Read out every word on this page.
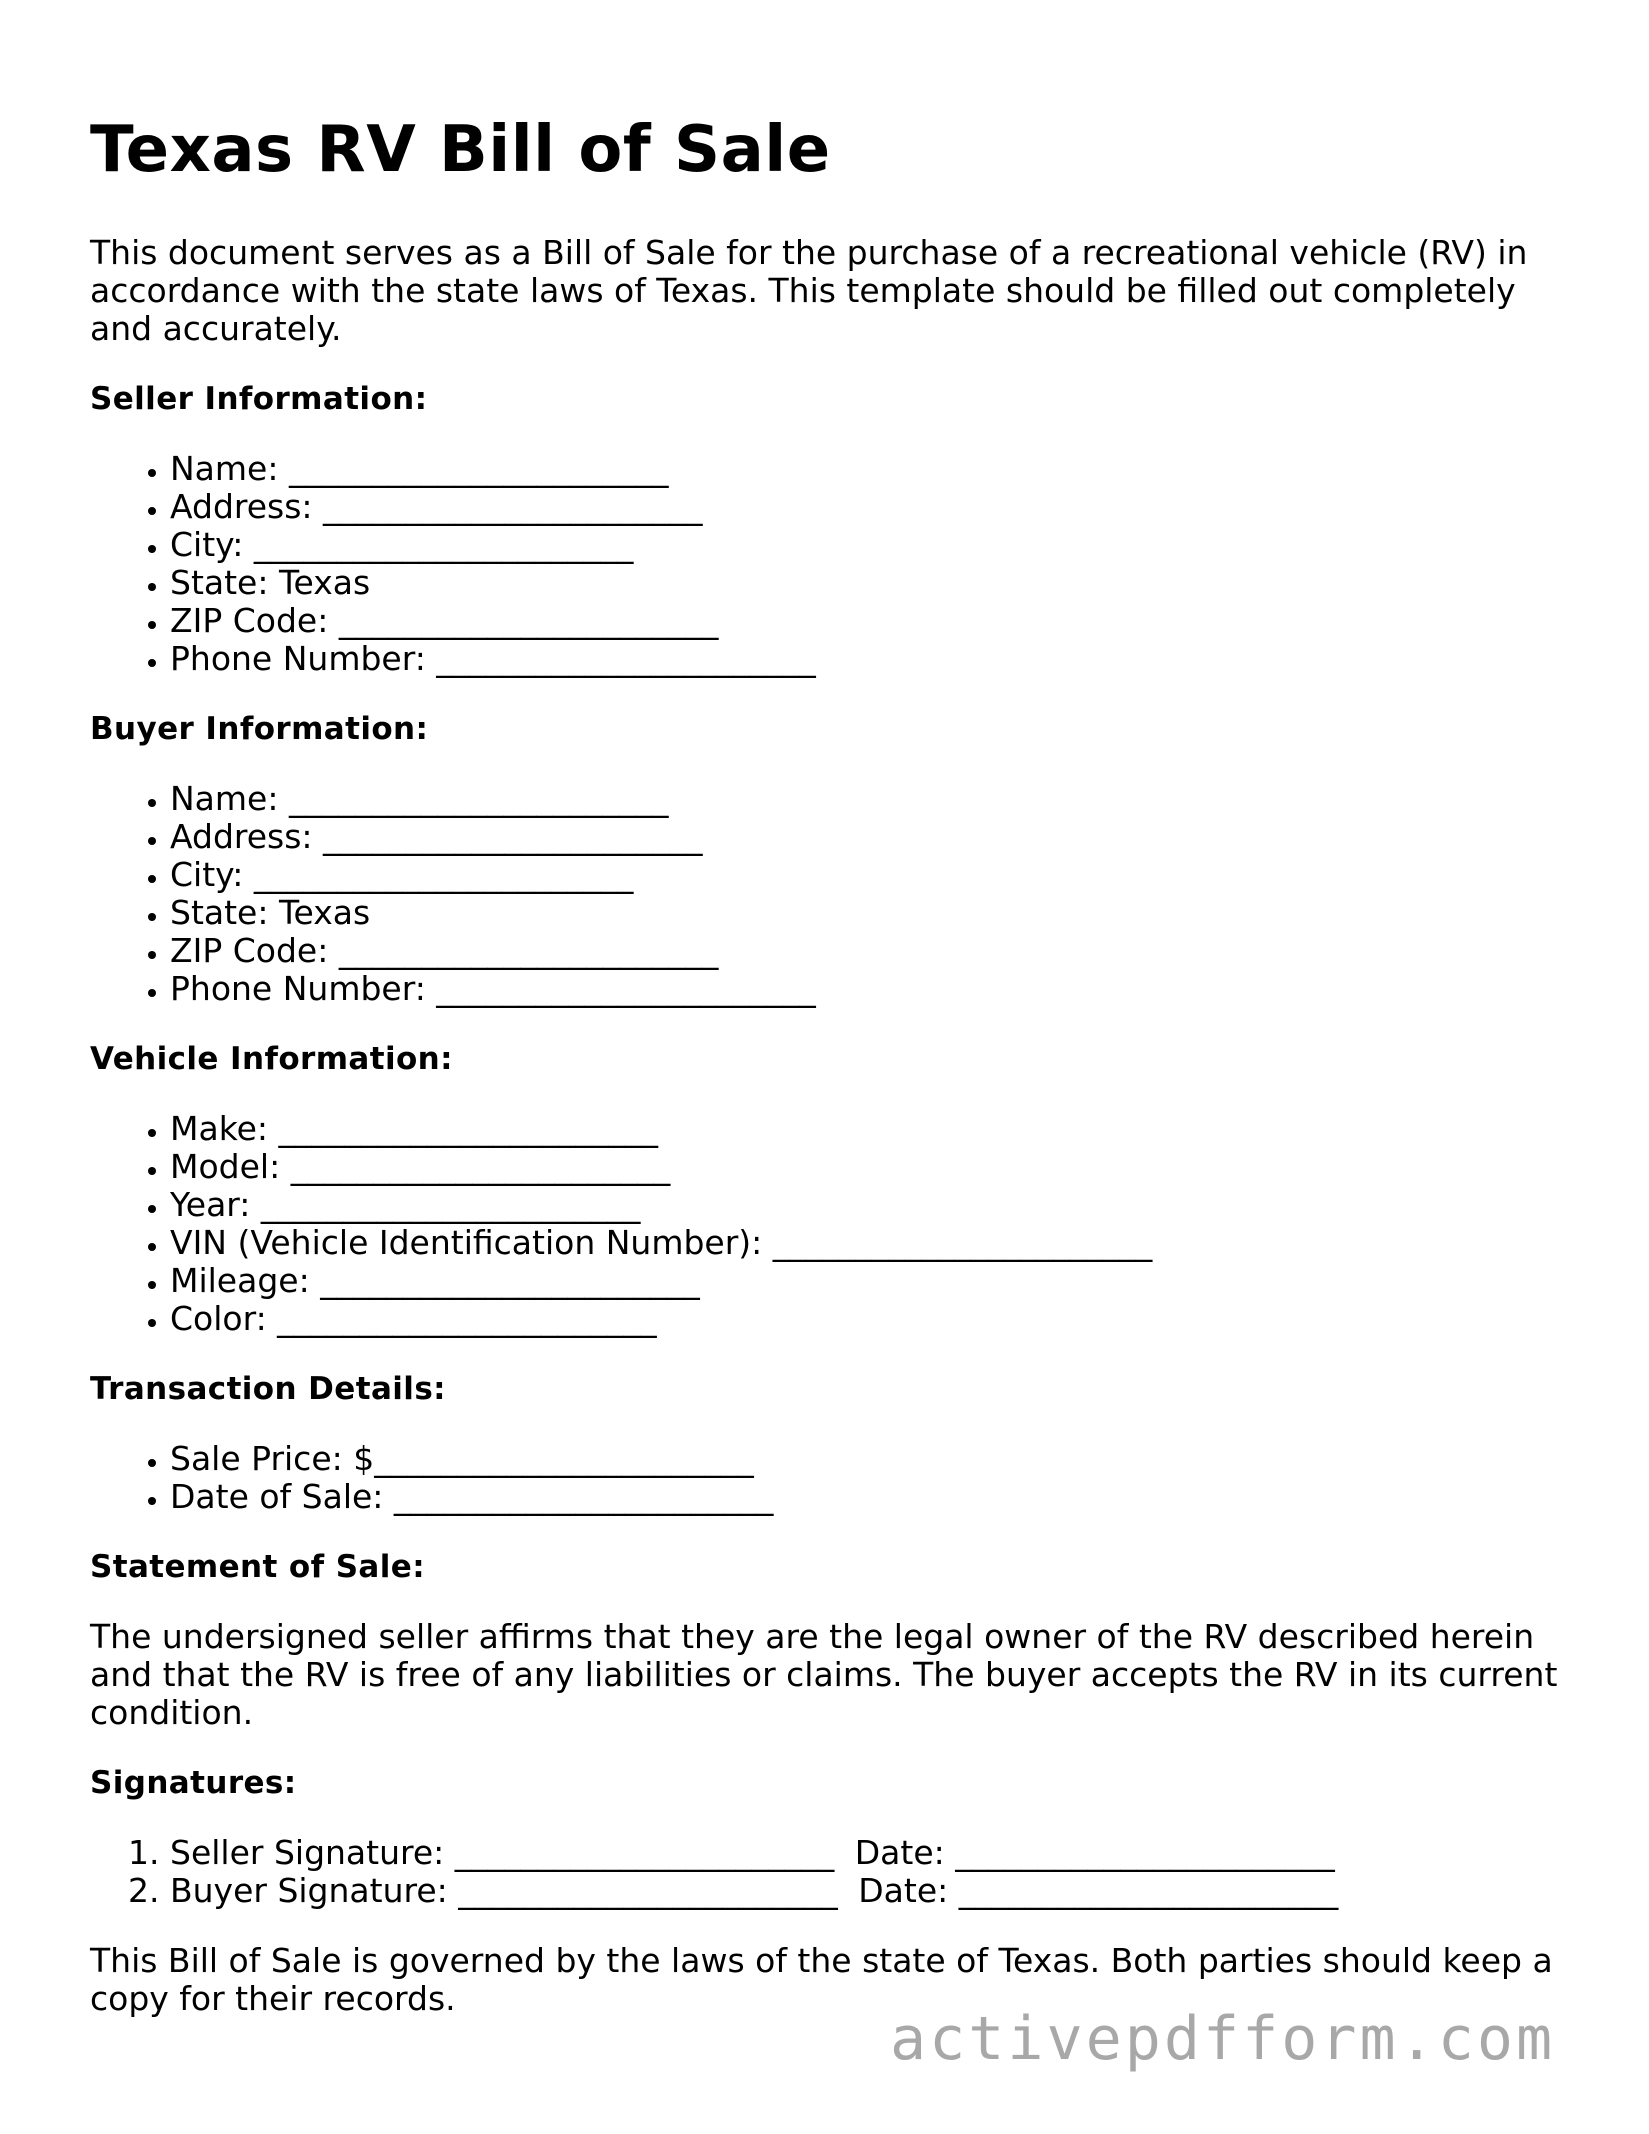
Texas RV Bill of Sale

This document serves as a Bill of Sale for the purchase of a recreational vehicle (RV) in accordance with the state laws of Texas. This template should be filled out completely and accurately.

Seller Information:
• Name: _______________________
• Address: _______________________
• City: _______________________
• State: Texas
• ZIP Code: _______________________
• Phone Number: _______________________
Buyer Information:
• Name: _______________________
• Address: _______________________
• City: _______________________
• State: Texas
• ZIP Code: _______________________
• Phone Number: _______________________
Vehicle Information:
• Make: _______________________
• Model: _______________________
• Year: _______________________
• VIN (Vehicle Identification Number): _______________________
• Mileage: _______________________
• Color: _______________________
Transaction Details:
• Sale Price: $_______________________
• Date of Sale: _______________________
Statement of Sale:

The undersigned seller affirms that they are the legal owner of the RV described herein and that the RV is free of any liabilities or claims. The buyer accepts the RV in its current condition.

Signatures:
1. Seller Signature: _______________________ Date: _______________________
2. Buyer Signature: _______________________ Date: _______________________

This Bill of Sale is governed by the laws of the state of Texas. Both parties should keep a copy for their records.

activepdfform.com
